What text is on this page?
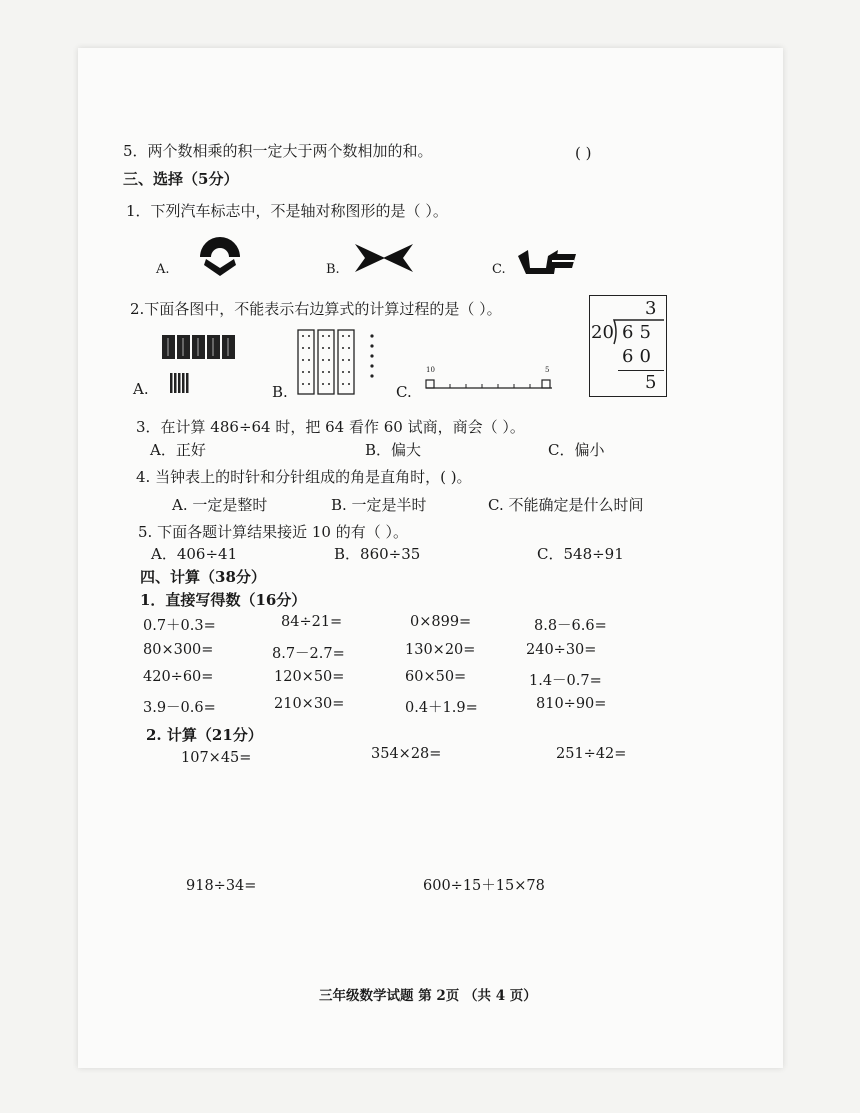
5．两个数相乘的积一定大于两个数相加的和。	( )
三、选择（5分）
1．下列汽车标志中，不是轴对称图形的是（ ）。
A.	B.	C.
2.下面各图中，不能表示右边算式的计算过程的是（ ）。	3
20 65
60
5
A.	B.	C.
10	5
3．在计算 486÷64 时，把 64 看作 60 试商，商会（ ）。
A．正好	B．偏大	C．偏小
4. 当钟表上的时针和分针组成的角是直角时，( )。
A. 一定是整时	B. 一定是半时	C. 不能确定是什么时间
5. 下面各题计算结果接近 10 的有（ ）。
A．406÷41	B．860÷35	C．548÷91
四、计算（38分）
1．直接写得数（16分）
0.7＋0.3=	84÷21=	0×899=	8.8－6.6=
80×300=	8.7－2.7=	130×20=	240÷30=
420÷60=	120×50=	60×50=	1.4－0.7=
3.9－0.6=	210×30=	0.4＋1.9=	810÷90=
2. 计算（21分）
107×45=	354×28=	251÷42=
918÷34=	600÷15＋15×78
三年级数学试题 第 2页 （共 4 页）
